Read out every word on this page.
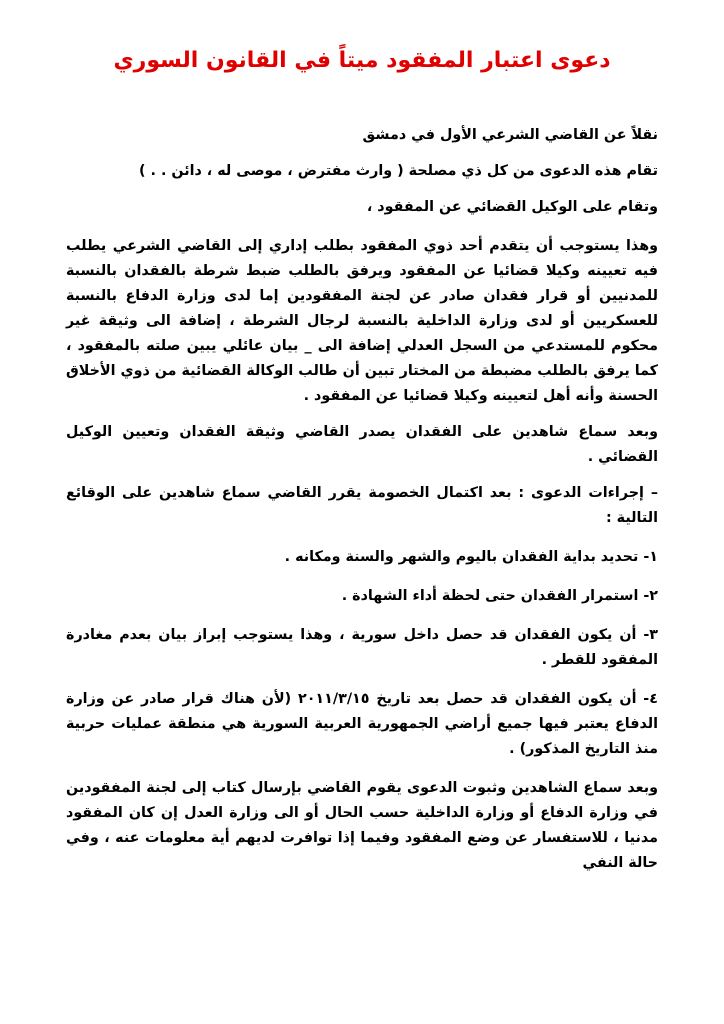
دعوى اعتبار المفقود ميتاً في القانون السوري

نقلاً عن القاضي الشرعي الأول في دمشق

تقام هذه الدعوى من كل ذي مصلحة ( وارث مفترض ، موصى له ، دائن . . )

وتقام على الوكيل القضائي عن المفقود ،

وهذا يستوجب أن يتقدم أحد ذوي المفقود بطلب إداري إلى القاضي الشرعي يطلب فيه تعيينه وكيلا قضائيا عن المفقود ويرفق بالطلب ضبط شرطة بالفقدان بالنسبة للمدنيين أو قرار فقدان صادر عن لجنة المفقودين إما لدى وزارة الدفاع بالنسبة للعسكريين أو لدى وزارة الداخلية بالنسبة لرجال الشرطة ، إضافة الى وثيقة غير محكوم للمستدعي من السجل العدلي إضافة الى _ بيان عائلي يبين صلته بالمفقود ، كما يرفق بالطلب مضبطة من المختار تبين أن طالب الوكالة القضائية من ذوي الأخلاق الحسنة وأنه أهل لتعيينه وكيلا قضائيا عن المفقود .

وبعد سماع شاهدين على الفقدان يصدر القاضي وثيقة الفقدان وتعيين الوكيل القضائي .

– إجراءات الدعوى : بعد اكتمال الخصومة يقرر القاضي سماع شاهدين على الوقائع التالية :

١- تحديد بداية الفقدان باليوم والشهر والسنة ومكانه .

٢- استمرار الفقدان حتى لحظة أداء الشهادة .

٣- أن يكون الفقدان قد حصل داخل سورية ، وهذا يستوجب إبراز بيان بعدم مغادرة المفقود للقطر .

٤- أن يكون الفقدان قد حصل بعد تاريخ ٢٠١١/٣/١٥ (لأن هناك قرار صادر عن وزارة الدفاع يعتبر فيها جميع أراضي الجمهورية العربية السورية هي منطقة عمليات حربية منذ التاريخ المذكور) .

وبعد سماع الشاهدين وثبوت الدعوى يقوم القاضي بإرسال كتاب إلى لجنة المفقودين في وزارة الدفاع أو وزارة الداخلية حسب الحال أو الى وزارة العدل إن كان المفقود مدنيا ، للاستفسار عن وضع المفقود وفيما إذا توافرت لديهم أية معلومات عنه ، وفي حالة النفي
